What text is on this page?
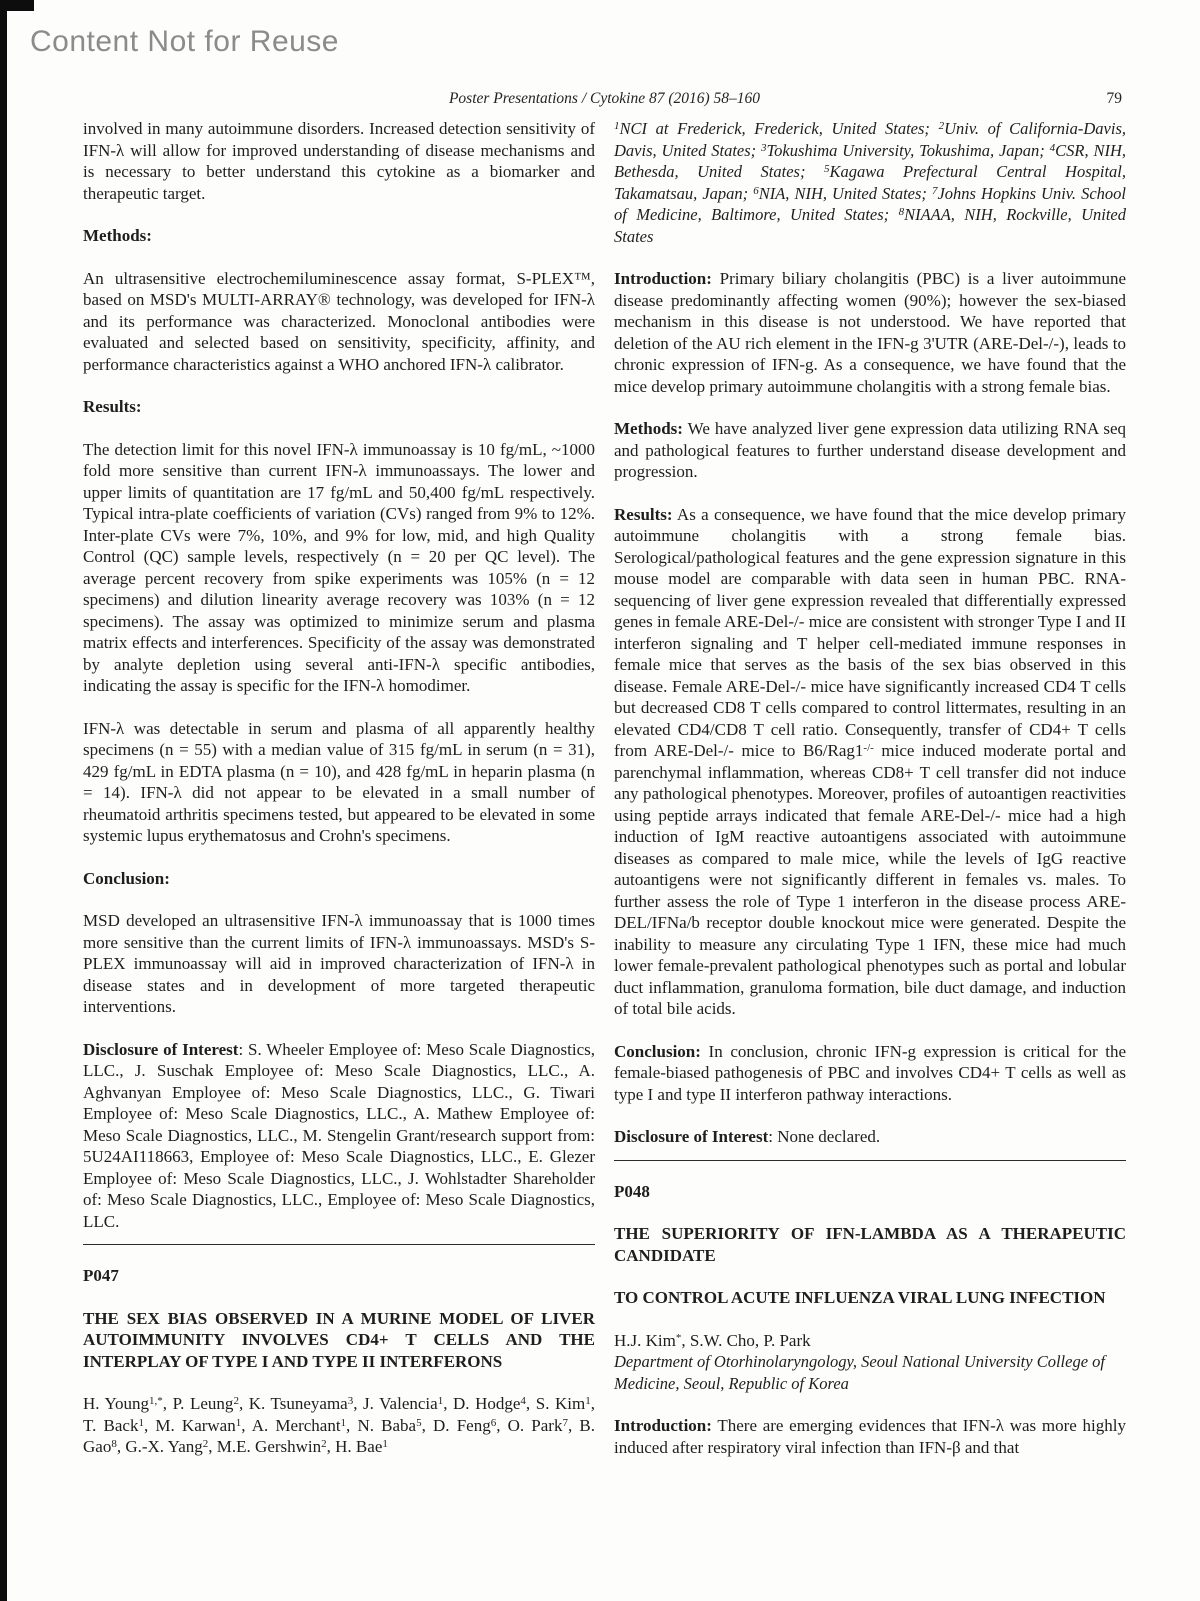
Content Not for Reuse
Poster Presentations / Cytokine 87 (2016) 58–160	79

involved in many autoimmune disorders. Increased detection sensitivity of IFN-λ will allow for improved understanding of disease mechanisms and is necessary to better understand this cytokine as a biomarker and therapeutic target.

Methods:

An ultrasensitive electrochemiluminescence assay format, S-PLEX™, based on MSD's MULTI-ARRAY® technology, was developed for IFN-λ and its performance was characterized. Monoclonal antibodies were evaluated and selected based on sensitivity, specificity, affinity, and performance characteristics against a WHO anchored IFN-λ calibrator.

Results:

The detection limit for this novel IFN-λ immunoassay is 10 fg/mL, ~1000 fold more sensitive than current IFN-λ immunoassays. The lower and upper limits of quantitation are 17 fg/mL and 50,400 fg/mL respectively. Typical intra-plate coefficients of variation (CVs) ranged from 9% to 12%. Inter-plate CVs were 7%, 10%, and 9% for low, mid, and high Quality Control (QC) sample levels, respectively (n = 20 per QC level). The average percent recovery from spike experiments was 105% (n = 12 specimens) and dilution linearity average recovery was 103% (n = 12 specimens). The assay was optimized to minimize serum and plasma matrix effects and interferences. Specificity of the assay was demonstrated by analyte depletion using several anti-IFN-λ specific antibodies, indicating the assay is specific for the IFN-λ homodimer.

IFN-λ was detectable in serum and plasma of all apparently healthy specimens (n = 55) with a median value of 315 fg/mL in serum (n = 31), 429 fg/mL in EDTA plasma (n = 10), and 428 fg/mL in heparin plasma (n = 14). IFN-λ did not appear to be elevated in a small number of rheumatoid arthritis specimens tested, but appeared to be elevated in some systemic lupus erythematosus and Crohn's specimens.

Conclusion:

MSD developed an ultrasensitive IFN-λ immunoassay that is 1000 times more sensitive than the current limits of IFN-λ immunoassays. MSD's S-PLEX immunoassay will aid in improved characterization of IFN-λ in disease states and in development of more targeted therapeutic interventions.

Disclosure of Interest: S. Wheeler Employee of: Meso Scale Diagnostics, LLC., J. Suschak Employee of: Meso Scale Diagnostics, LLC., A. Aghvanyan Employee of: Meso Scale Diagnostics, LLC., G. Tiwari Employee of: Meso Scale Diagnostics, LLC., A. Mathew Employee of: Meso Scale Diagnostics, LLC., M. Stengelin Grant/research support from: 5U24AI118663, Employee of: Meso Scale Diagnostics, LLC., E. Glezer Employee of: Meso Scale Diagnostics, LLC., J. Wohlstadter Shareholder of: Meso Scale Diagnostics, LLC., Employee of: Meso Scale Diagnostics, LLC.

P047

THE SEX BIAS OBSERVED IN A MURINE MODEL OF LIVER AUTOIMMUNITY INVOLVES CD4+ T CELLS AND THE INTERPLAY OF TYPE I AND TYPE II INTERFERONS

H. Young$^{1,*}$, P. Leung$^2$, K. Tsuneyama$^3$, J. Valencia$^1$, D. Hodge$^4$, S. Kim$^1$, T. Back$^1$, M. Karwan$^1$, A. Merchant$^1$, N. Baba$^5$, D. Feng$^6$, O. Park$^7$, B. Gao$^8$, G.-X. Yang$^2$, M.E. Gershwin$^2$, H. Bae$^1$

$^1$NCI at Frederick, Frederick, United States; $^2$Univ. of California-Davis, Davis, United States; $^3$Tokushima University, Tokushima, Japan; $^4$CSR, NIH, Bethesda, United States; $^5$Kagawa Prefectural Central Hospital, Takamatsau, Japan; $^6$NIA, NIH, United States; $^7$Johns Hopkins Univ. School of Medicine, Baltimore, United States; $^8$NIAAA, NIH, Rockville, United States

Introduction: Primary biliary cholangitis (PBC) is a liver autoimmune disease predominantly affecting women (90%); however the sex-biased mechanism in this disease is not understood. We have reported that deletion of the AU rich element in the IFN-g 3'UTR (ARE-Del-/-), leads to chronic expression of IFN-g. As a consequence, we have found that the mice develop primary autoimmune cholangitis with a strong female bias.

Methods: We have analyzed liver gene expression data utilizing RNA seq and pathological features to further understand disease development and progression.

Results: As a consequence, we have found that the mice develop primary autoimmune cholangitis with a strong female bias. Serological/pathological features and the gene expression signature in this mouse model are comparable with data seen in human PBC. RNA-sequencing of liver gene expression revealed that differentially expressed genes in female ARE-Del-/- mice are consistent with stronger Type I and II interferon signaling and T helper cell-mediated immune responses in female mice that serves as the basis of the sex bias observed in this disease. Female ARE-Del-/- mice have significantly increased CD4 T cells but decreased CD8 T cells compared to control littermates, resulting in an elevated CD4/CD8 T cell ratio. Consequently, transfer of CD4+ T cells from ARE-Del-/- mice to B6/Rag1-/- mice induced moderate portal and parenchymal inflammation, whereas CD8+ T cell transfer did not induce any pathological phenotypes. Moreover, profiles of autoantigen reactivities using peptide arrays indicated that female ARE-Del-/- mice had a high induction of IgM reactive autoantigens associated with autoimmune diseases as compared to male mice, while the levels of IgG reactive autoantigens were not significantly different in females vs. males. To further assess the role of Type 1 interferon in the disease process ARE-DEL/IFNa/b receptor double knockout mice were generated. Despite the inability to measure any circulating Type 1 IFN, these mice had much lower female-prevalent pathological phenotypes such as portal and lobular duct inflammation, granuloma formation, bile duct damage, and induction of total bile acids.

Conclusion: In conclusion, chronic IFN-g expression is critical for the female-biased pathogenesis of PBC and involves CD4+ T cells as well as type I and type II interferon pathway interactions.

Disclosure of Interest: None declared.

P048

THE SUPERIORITY OF IFN-LAMBDA AS A THERAPEUTIC CANDIDATE

TO CONTROL ACUTE INFLUENZA VIRAL LUNG INFECTION

H.J. Kim*, S.W. Cho, P. Park
Department of Otorhinolaryngology, Seoul National University College of Medicine, Seoul, Republic of Korea

Introduction: There are emerging evidences that IFN-λ was more highly induced after respiratory viral infection than IFN-β and that
